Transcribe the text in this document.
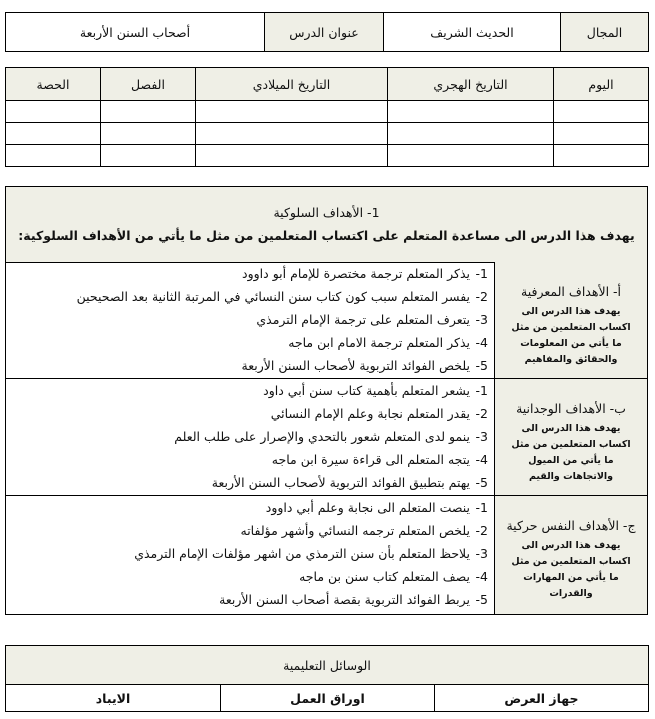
المجال	الحديث الشريف	عنوان الدرس	أصحاب السنن الأربعة
اليوم	التاريخ الهجري	التاريخ الميلادي	الفصل	الحصة

1- الأهداف السلوكية
يهدف هذا الدرس الى مساعدة المتعلم على اكتساب المتعلمين من مثل ما يأتي من الأهداف السلوكية:
أ- الأهداف المعرفية
يهدف هذا الدرس الى اكساب المتعلمين من مثل ما يأتي من المعلومات والحقائق والمفاهيم
1-يذكر المتعلم ترجمة مختصرة للإمام أبو داوود
2-يفسر المتعلم سبب كون كتاب سنن النسائي في المرتبة الثانية بعد الصحيحين
3-يتعرف المتعلم على ترجمة الإمام الترمذي
4-يذكر المتعلم ترجمة الامام ابن ماجه
5-يلخص الفوائد التربوية لأصحاب السنن الأربعة
ب- الأهداف الوجدانية
يهدف هذا الدرس الى اكساب المتعلمين من مثل ما يأتي من الميول والاتجاهات والقيم
1-يشعر المتعلم بأهمية كتاب سنن أبي داود
2-يقدر المتعلم نجابة وعلم الإمام النسائي
3-ينمو لدى المتعلم شعور بالتحدي والإصرار على طلب العلم
4-يتجه المتعلم الى قراءة سيرة ابن ماجه
5-يهتم بتطبيق الفوائد التربوية لأصحاب السنن الأربعة
ج- الأهداف النفس حركية
يهدف هذا الدرس الى اكساب المتعلمين من مثل ما يأتي من المهارات والقدرات
1-ينصت المتعلم الى نجابة وعلم أبي داوود
2-يلخص المتعلم ترجمه النسائي وأشهر مؤلفاته
3-يلاحظ المتعلم بأن سنن الترمذي من اشهر مؤلفات الإمام الترمذي
4-يصف المتعلم كتاب سنن بن ماجه
5-يربط الفوائد التربوية بقصة أصحاب السنن الأربعة
الوسائل التعليمية
جهاز العرض	اوراق العمل	الايباد
